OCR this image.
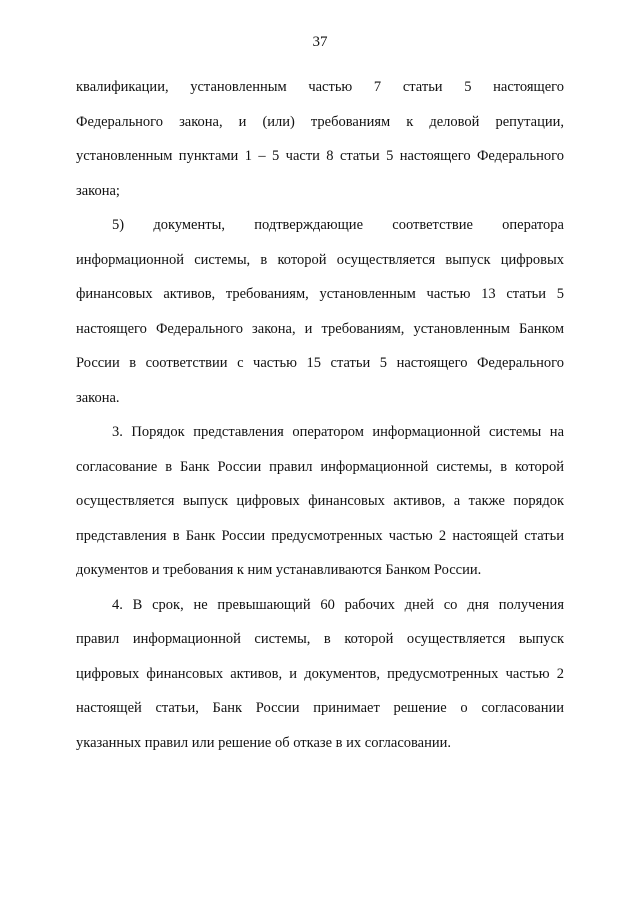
37
квалификации, установленным частью 7 статьи 5 настоящего
Федерального закона, и (или) требованиям к деловой репутации,
установленным пунктами 1 – 5 части 8 статьи 5 настоящего Федерального
закона;
5) документы, подтверждающие соответствие оператора
информационной системы, в которой осуществляется выпуск цифровых
финансовых активов, требованиям, установленным частью 13 статьи 5
настоящего Федерального закона, и требованиям, установленным Банком
России в соответствии с частью 15 статьи 5 настоящего Федерального
закона.
3. Порядок представления оператором информационной системы на
согласование в Банк России правил информационной системы, в которой
осуществляется выпуск цифровых финансовых активов, а также порядок
представления в Банк России предусмотренных частью 2 настоящей статьи
документов и требования к ним устанавливаются Банком России.
4. В срок, не превышающий 60 рабочих дней со дня получения
правил информационной системы, в которой осуществляется выпуск
цифровых финансовых активов, и документов, предусмотренных частью 2
настоящей статьи, Банк России принимает решение о согласовании
указанных правил или решение об отказе в их согласовании.
